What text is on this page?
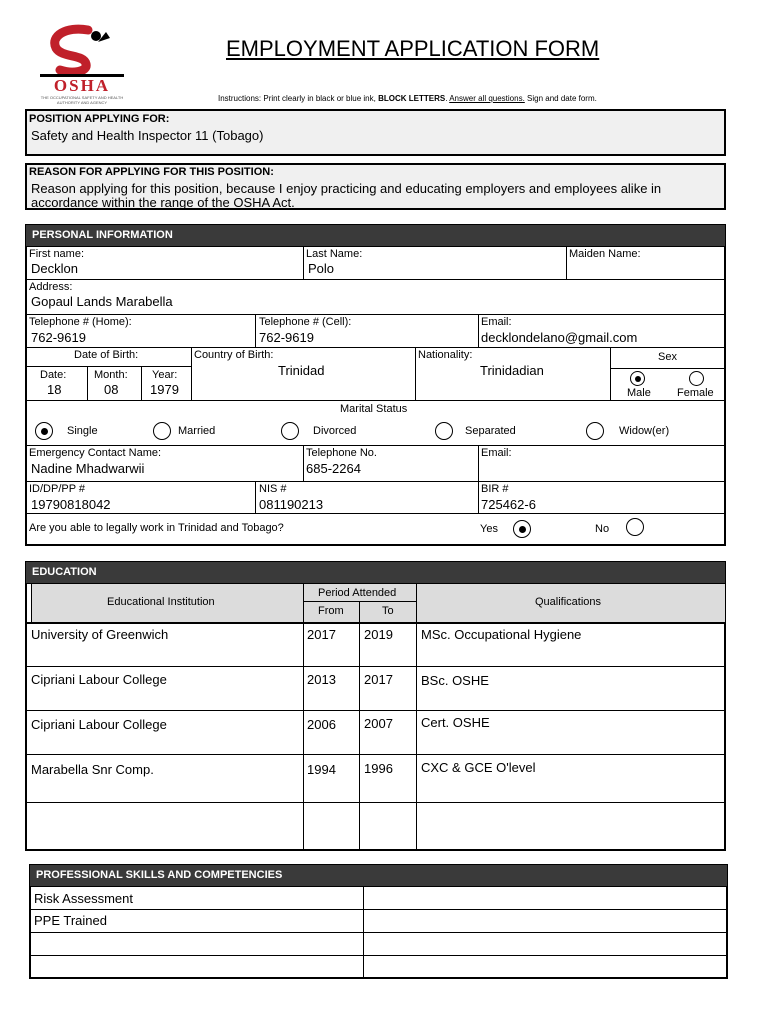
OSHA
THE OCCUPATIONAL SAFETY AND HEALTH AUTHORITY AND AGENCY
EMPLOYMENT APPLICATION FORM
Instructions: Print clearly in black or blue ink, BLOCK LETTERS. Answer all questions. Sign and date form.
POSITION APPLYING FOR:
Safety and Health Inspector 11 (Tobago)
REASON FOR APPLYING FOR THIS POSITION:
Reason applying for this position, because I enjoy practicing and educating employers and employees alike in accordance within the range of the OSHA Act.
PERSONAL INFORMATION
First name:
Decklon
Last Name:
Polo
Maiden Name:
Address:
Gopaul Lands Marabella
Telephone # (Home):
762-9619
Telephone # (Cell):
762-9619
Email:
decklondelano@gmail.com
Date of Birth:
Date:
18
Month:
08
Year:
1979
Country of Birth:
Trinidad
Nationality:
Trinidadian
Sex
Male Female
Marital Status
Single	Married	Divorced	Separated	Widow(er)
Emergency Contact Name:
Nadine Mhadwarwii
Telephone No.
685-2264
Email:
ID/DP/PP #
19790818042
NIS #
081190213
BIR #
725462-6
Are you able to legally work in Trinidad and Tobago?	Yes	No
EDUCATION
Educational Institution
Period Attended
From	To
Qualifications
University of Greenwich	2017 2019 MSc. Occupational Hygiene
Cipriani Labour College	2013 2017 BSc. OSHE
Cipriani Labour College	2006 2007 Cert. OSHE
Marabella Snr Comp.	1994 1996 CXC & GCE O'level
PROFESSIONAL SKILLS AND COMPETENCIES
Risk Assessment
PPE Trained
